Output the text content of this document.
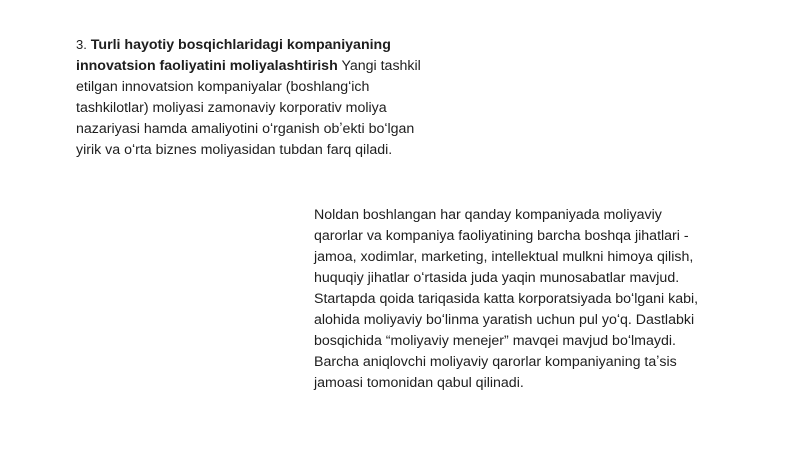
3. Turli hayotiy bosqichlaridagi kompaniyaning
innovatsion faoliyatini moliyalashtirish Yangi tashkil
etilgan innovatsion kompaniyalar (boshlangʻich
tashkilotlar) moliyasi zamonaviy korporativ moliya
nazariyasi hamda amaliyotini oʻrganish obʼekti boʻlgan
yirik va oʻrta biznes moliyasidan tubdan farq qiladi.
Noldan boshlangan har qanday kompaniyada moliyaviy
qarorlar va kompaniya faoliyatining barcha boshqa jihatlari -
jamoa, xodimlar, marketing, intellektual mulkni himoya qilish,
huquqiy jihatlar oʻrtasida juda yaqin munosabatlar mavjud.
Startapda qoida tariqasida katta korporatsiyada boʻlgani kabi,
alohida moliyaviy boʻlinma yaratish uchun pul yoʻq. Dastlabki
bosqichida “moliyaviy menejer” mavqei mavjud boʻlmaydi.
Barcha aniqlovchi moliyaviy qarorlar kompaniyaning taʼsis
jamoasi tomonidan qabul qilinadi.
